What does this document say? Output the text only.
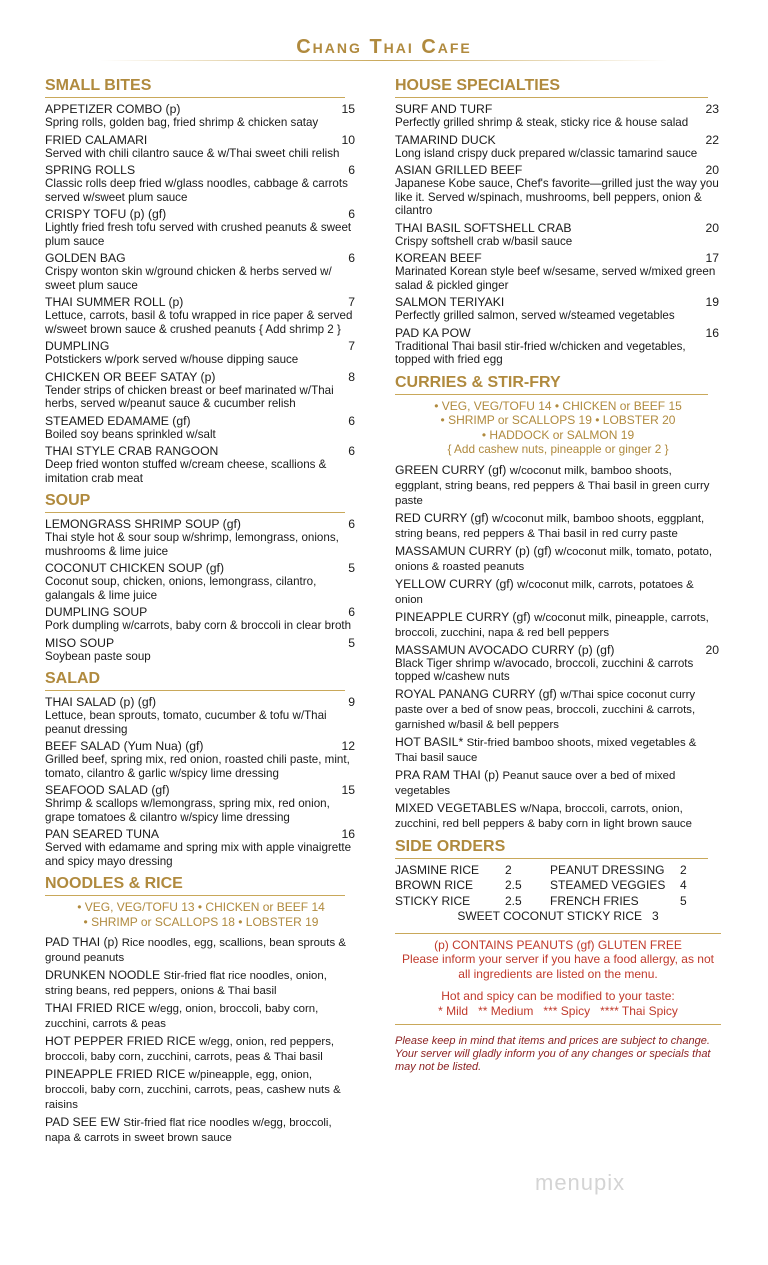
Chang Thai Cafe
SMALL BITES
APPETIZER COMBO (p)	15
Spring rolls, golden bag, fried shrimp & chicken satay
FRIED CALAMARI	10
Served with chili cilantro sauce & w/Thai sweet chili relish
SPRING ROLLS	6
Classic rolls deep fried w/glass noodles, cabbage & carrots served w/sweet plum sauce
CRISPY TOFU (p) (gf)	6
Lightly fried fresh tofu served with crushed peanuts & sweet plum sauce
GOLDEN BAG	6
Crispy wonton skin w/ground chicken & herbs served w/ sweet plum sauce
THAI SUMMER ROLL (p)	7
Lettuce, carrots, basil & tofu wrapped in rice paper & served w/sweet brown sauce & crushed peanuts { Add shrimp 2 }
DUMPLING	7
Potstickers w/pork served w/house dipping sauce
CHICKEN OR BEEF SATAY (p)	8
Tender strips of chicken breast or beef marinated w/Thai herbs, served w/peanut sauce & cucumber relish
STEAMED EDAMAME (gf)	6
Boiled soy beans sprinkled w/salt
THAI STYLE CRAB RANGOON	6
Deep fried wonton stuffed w/cream cheese, scallions & imitation crab meat
SOUP
LEMONGRASS SHRIMP SOUP (gf)	6
Thai style hot & sour soup w/shrimp, lemongrass, onions, mushrooms & lime juice
COCONUT CHICKEN SOUP (gf)	5
Coconut soup, chicken, onions, lemongrass, cilantro, galangals & lime juice
DUMPLING SOUP	6
Pork dumpling w/carrots, baby corn & broccoli in clear broth
MISO SOUP	5
Soybean paste soup
SALAD
THAI SALAD (p) (gf)	9
Lettuce, bean sprouts, tomato, cucumber & tofu w/Thai peanut dressing
BEEF SALAD (Yum Nua) (gf)	12
Grilled beef, spring mix, red onion, roasted chili paste, mint, tomato, cilantro & garlic w/spicy lime dressing
SEAFOOD SALAD (gf)	15
Shrimp & scallops w/lemongrass, spring mix, red onion, grape tomatoes & cilantro w/spicy lime dressing
PAN SEARED TUNA	16
Served with edamame and spring mix with apple vinaigrette and spicy mayo dressing
NOODLES & RICE
• VEG, VEG/TOFU 13 • CHICKEN or BEEF 14
• SHRIMP or SCALLOPS 18 • LOBSTER 19
PAD THAI (p) Rice noodles, egg, scallions, bean sprouts & ground peanuts
DRUNKEN NOODLE Stir-fried flat rice noodles, onion, string beans, red peppers, onions & Thai basil
THAI FRIED RICE w/egg, onion, broccoli, baby corn, zucchini, carrots & peas
HOT PEPPER FRIED RICE w/egg, onion, red peppers, broccoli, baby corn, zucchini, carrots, peas & Thai basil
PINEAPPLE FRIED RICE w/pineapple, egg, onion, broccoli, baby corn, zucchini, carrots, peas, cashew nuts & raisins
PAD SEE EW Stir-fried flat rice noodles w/egg, broccoli, napa & carrots in sweet brown sauce
HOUSE SPECIALTIES
SURF AND TURF	23
Perfectly grilled shrimp & steak, sticky rice & house salad
TAMARIND DUCK	22
Long island crispy duck prepared w/classic tamarind sauce
ASIAN GRILLED BEEF	20
Japanese Kobe sauce, Chef's favorite—grilled just the way you like it. Served w/spinach, mushrooms, bell peppers, onion & cilantro
THAI BASIL SOFTSHELL CRAB	20
Crispy softshell crab w/basil sauce
KOREAN BEEF	17
Marinated Korean style beef w/sesame, served w/mixed green salad & pickled ginger
SALMON TERIYAKI	19
Perfectly grilled salmon, served w/steamed vegetables
PAD KA POW	16
Traditional Thai basil stir-fried w/chicken and vegetables, topped with fried egg
CURRIES & STIR-FRY
• VEG, VEG/TOFU 14 • CHICKEN or BEEF 15
• SHRIMP or SCALLOPS 19 • LOBSTER 20
• HADDOCK or SALMON 19
{ Add cashew nuts, pineapple or ginger 2 }
GREEN CURRY (gf) w/coconut milk, bamboo shoots, eggplant, string beans, red peppers & Thai basil in green curry paste
RED CURRY (gf) w/coconut milk, bamboo shoots, eggplant, string beans, red peppers & Thai basil in red curry paste
MASSAMUN CURRY (p) (gf) w/coconut milk, tomato, potato, onions & roasted peanuts
YELLOW CURRY (gf) w/coconut milk, carrots, potatoes & onion
PINEAPPLE CURRY (gf) w/coconut milk, pineapple, carrots, broccoli, zucchini, napa & red bell peppers
MASSAMUN AVOCADO CURRY (p) (gf)	20
Black Tiger shrimp w/avocado, broccoli, zucchini & carrots topped w/cashew nuts
ROYAL PANANG CURRY (gf) w/Thai spice coconut curry paste over a bed of snow peas, broccoli, zucchini & carrots, garnished w/basil & bell peppers
HOT BASIL* Stir-fried bamboo shoots, mixed vegetables & Thai basil sauce
PRA RAM THAI (p) Peanut sauce over a bed of mixed vegetables
MIXED VEGETABLES w/Napa, broccoli, carrots, onion, zucchini, red bell peppers & baby corn in light brown sauce
SIDE ORDERS
JASMINE RICE	2	PEANUT DRESSING	2
BROWN RICE	2.5	STEAMED VEGGIES	4
STICKY RICE	2.5	FRENCH FRIES	5
SWEET COCONUT STICKY RICE   3
(p) CONTAINS PEANUTS (gf) GLUTEN FREE
Please inform your server if you have a food allergy, as not all ingredients are listed on the menu.
Hot and spicy can be modified to your taste:
* Mild   ** Medium   *** Spicy   **** Thai Spicy
Please keep in mind that items and prices are subject to change. Your server will gladly inform you of any changes or specials that may not be listed.
menupix
